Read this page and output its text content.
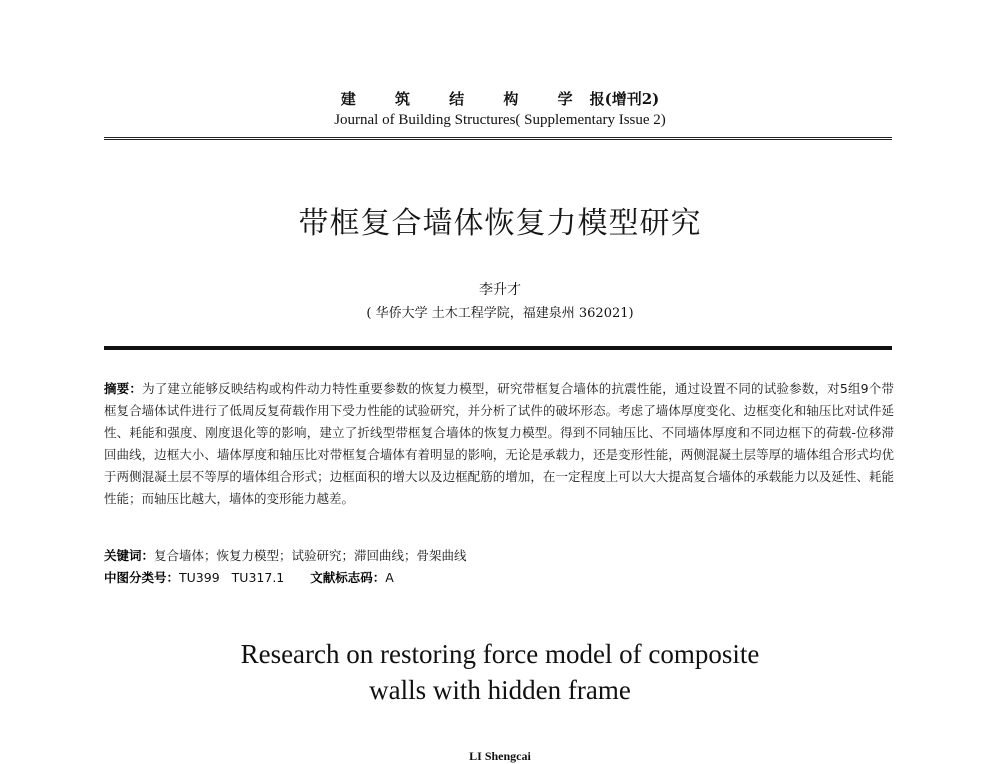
建 筑 结 构 学报(增刊2)
Journal of Building Structures( Supplementary Issue 2)
带框复合墙体恢复力模型研究
李升才
( 华侨大学 土木工程学院，福建泉州 362021)
摘要：为了建立能够反映结构或构件动力特性重要参数的恢复力模型，研究带框复合墙体的抗震性能，通过设置不同的试验参数，对5组9个带框复合墙体试件进行了低周反复荷载作用下受力性能的试验研究，并分析了试件的破坏形态。考虑了墙体厚度变化、边框变化和轴压比对试件延性、耗能和强度、刚度退化等的影响，建立了折线型带框复合墙体的恢复力模型。得到不同轴压比、不同墙体厚度和不同边框下的荷载-位移滞回曲线，边框大小、墙体厚度和轴压比对带框复合墙体有着明显的影响，无论是承载力，还是变形性能，两侧混凝土层等厚的墙体组合形式均优于两侧混凝土层不等厚的墙体组合形式；边框面积的增大以及边框配筋的增加，在一定程度上可以大大提高复合墙体的承载能力以及延性、耗能性能；而轴压比越大，墙体的变形能力越差。
关键词：复合墙体；恢复力模型；试验研究；滞回曲线；骨架曲线
中图分类号：TU399 TU317.1 文献标志码：A
Research on restoring force model of composite
walls with hidden frame
LI Shengcai
